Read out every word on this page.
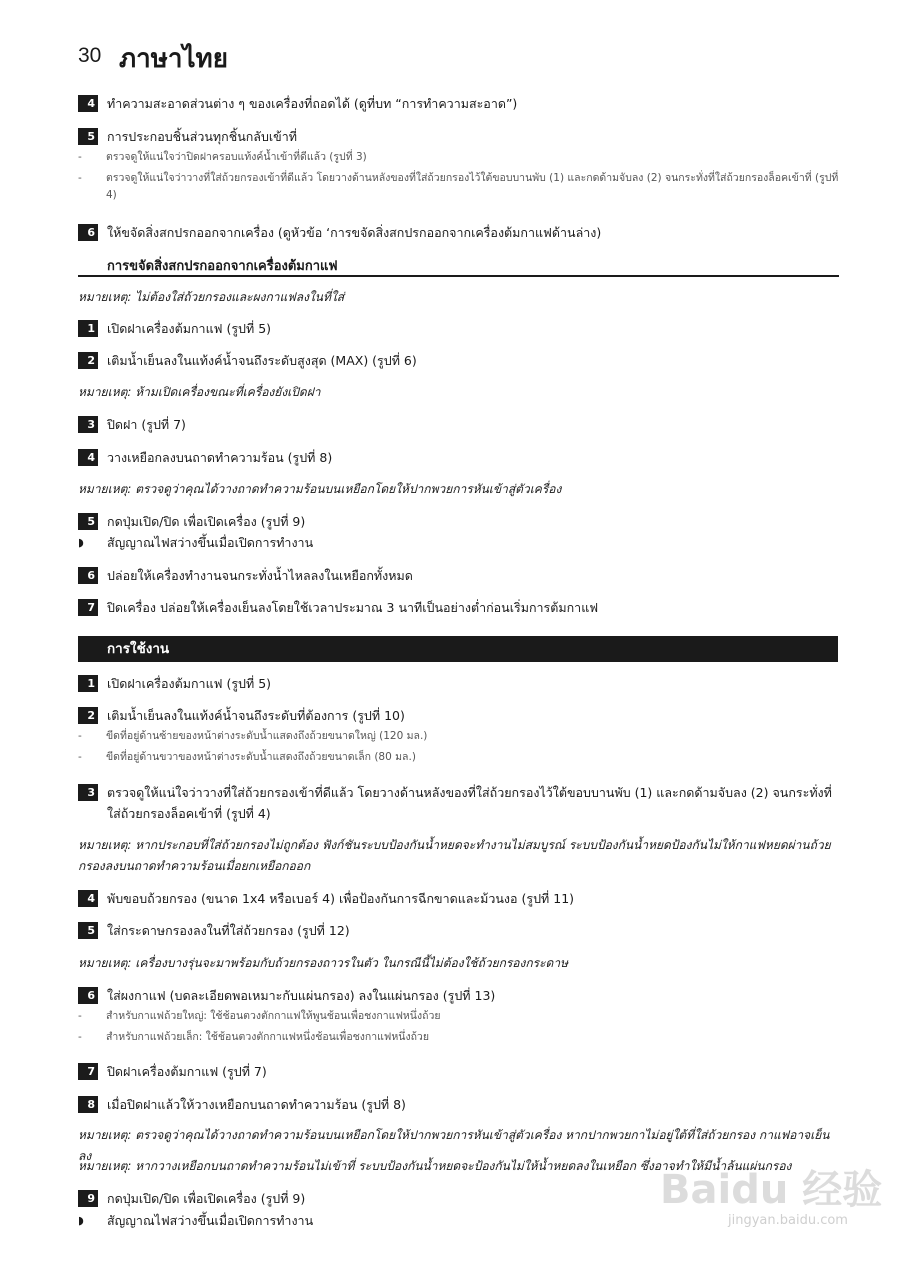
30 ภาษาไทย
4 ทำความสะอาดส่วนต่าง ๆ ของเครื่องที่ถอดได้ (ดูที่บท “การทำความสะอาด”)
5 การประกอบชิ้นส่วนทุกชิ้นกลับเข้าที่
-	ตรวจดูให้แน่ใจว่าปิดฝาครอบแท้งค์น้ำเข้าที่ดีแล้ว (รูปที่ 3)
-	ตรวจดูให้แน่ใจว่าวางที่ใส่ถ้วยกรองเข้าที่ดีแล้ว โดยวางด้านหลังของที่ใส่ถ้วยกรองไว้ใต้ขอบบานพับ (1) และกดด้ามจับลง (2) จนกระทั่งที่ใส่ถ้วยกรองล็อคเข้าที่ (รูปที่ 4)
6 ให้ขจัดสิ่งสกปรกออกจากเครื่อง (ดูหัวข้อ ‘การขจัดสิ่งสกปรกออกจากเครื่องต้มกาแฟด้านล่าง)
การขจัดสิ่งสกปรกออกจากเครื่องต้มกาแฟ
หมายเหตุ: ไม่ต้องใส่ถ้วยกรองและผงกาแฟลงในที่ใส่
1 เปิดฝาเครื่องต้มกาแฟ (รูปที่ 5)
2 เติมน้ำเย็นลงในแท้งค์น้ำจนถึงระดับสูงสุด (MAX) (รูปที่ 6)
หมายเหตุ: ห้ามเปิดเครื่องขณะที่เครื่องยังเปิดฝา
3 ปิดฝา (รูปที่ 7)
4 วางเหยือกลงบนถาดทำความร้อน (รูปที่ 8)
หมายเหตุ: ตรวจดูว่าคุณได้วางถาดทำความร้อนบนเหยือกโดยให้ปากพวยการหันเข้าสู่ตัวเครื่อง
5 กดปุ่มเปิด/ปิด เพื่อเปิดเครื่อง (รูปที่ 9)
◗	สัญญาณไฟสว่างขึ้นเมื่อเปิดการทำงาน
6 ปล่อยให้เครื่องทำงานจนกระทั่งน้ำไหลลงในเหยือกทั้งหมด
7 ปิดเครื่อง ปล่อยให้เครื่องเย็นลงโดยใช้เวลาประมาณ 3 นาทีเป็นอย่างต่ำก่อนเริ่มการต้มกาแฟ
การใช้งาน
1 เปิดฝาเครื่องต้มกาแฟ (รูปที่ 5)
2 เติมน้ำเย็นลงในแท้งค์น้ำจนถึงระดับที่ต้องการ (รูปที่ 10)
-	ขีดที่อยู่ด้านซ้ายของหน้าต่างระดับน้ำแสดงถึงถ้วยขนาดใหญ่ (120 มล.)
-	ขีดที่อยู่ด้านขวาของหน้าต่างระดับน้ำแสดงถึงถ้วยขนาดเล็ก (80 มล.)
3 ตรวจดูให้แน่ใจว่าวางที่ใส่ถ้วยกรองเข้าที่ดีแล้ว โดยวางด้านหลังของที่ใส่ถ้วยกรองไว้ใต้ขอบบานพับ (1) และกดด้ามจับลง (2) จนกระทั่งที่ใส่ถ้วยกรองล็อคเข้าที่ (รูปที่ 4)
หมายเหตุ: หากประกอบที่ใส่ถ้วยกรองไม่ถูกต้อง ฟังก์ชันระบบป้องกันน้ำหยดจะทำงานไม่สมบูรณ์ ระบบป้องกันน้ำหยดป้องกันไม่ให้กาแฟหยดผ่านถ้วยกรองลงบนถาดทำความร้อนเมื่อยกเหยือกออก
4 พับขอบถ้วยกรอง (ขนาด 1x4 หรือเบอร์ 4) เพื่อป้องกันการฉีกขาดและม้วนงอ (รูปที่ 11)
5 ใส่กระดาษกรองลงในที่ใส่ถ้วยกรอง (รูปที่ 12)
หมายเหตุ: เครื่องบางรุ่นจะมาพร้อมกับถ้วยกรองถาวรในตัว ในกรณีนี้ไม่ต้องใช้ถ้วยกรองกระดาษ
6 ใส่ผงกาแฟ (บดละเอียดพอเหมาะกับแผ่นกรอง) ลงในแผ่นกรอง (รูปที่ 13)
-	สำหรับกาแฟถ้วยใหญ่: ใช้ช้อนตวงตักกาแฟให้พูนช้อนเพื่อชงกาแฟหนึ่งถ้วย
-	สำหรับกาแฟถ้วยเล็ก: ใช้ช้อนตวงตักกาแฟหนึ่งช้อนเพื่อชงกาแฟหนึ่งถ้วย
7 ปิดฝาเครื่องต้มกาแฟ (รูปที่ 7)
8 เมื่อปิดฝาแล้วให้วางเหยือกบนถาดทำความร้อน (รูปที่ 8)
หมายเหตุ: ตรวจดูว่าคุณได้วางถาดทำความร้อนบนเหยือกโดยให้ปากพวยการหันเข้าสู่ตัวเครื่อง หากปากพวยกาไม่อยู่ใต้ที่ใส่ถ้วยกรอง กาแฟอาจเย็นลง
หมายเหตุ: หากวางเหยือกบนถาดทำความร้อนไม่เข้าที่ ระบบป้องกันน้ำหยดจะป้องกันไม่ให้น้ำหยดลงในเหยือก ซึ่งอาจทำให้มีน้ำล้นแผ่นกรอง
9 กดปุ่มเปิด/ปิด เพื่อเปิดเครื่อง (รูปที่ 9)
◗	สัญญาณไฟสว่างขึ้นเมื่อเปิดการทำงาน
Baidu 经验
jingyan.baidu.com
